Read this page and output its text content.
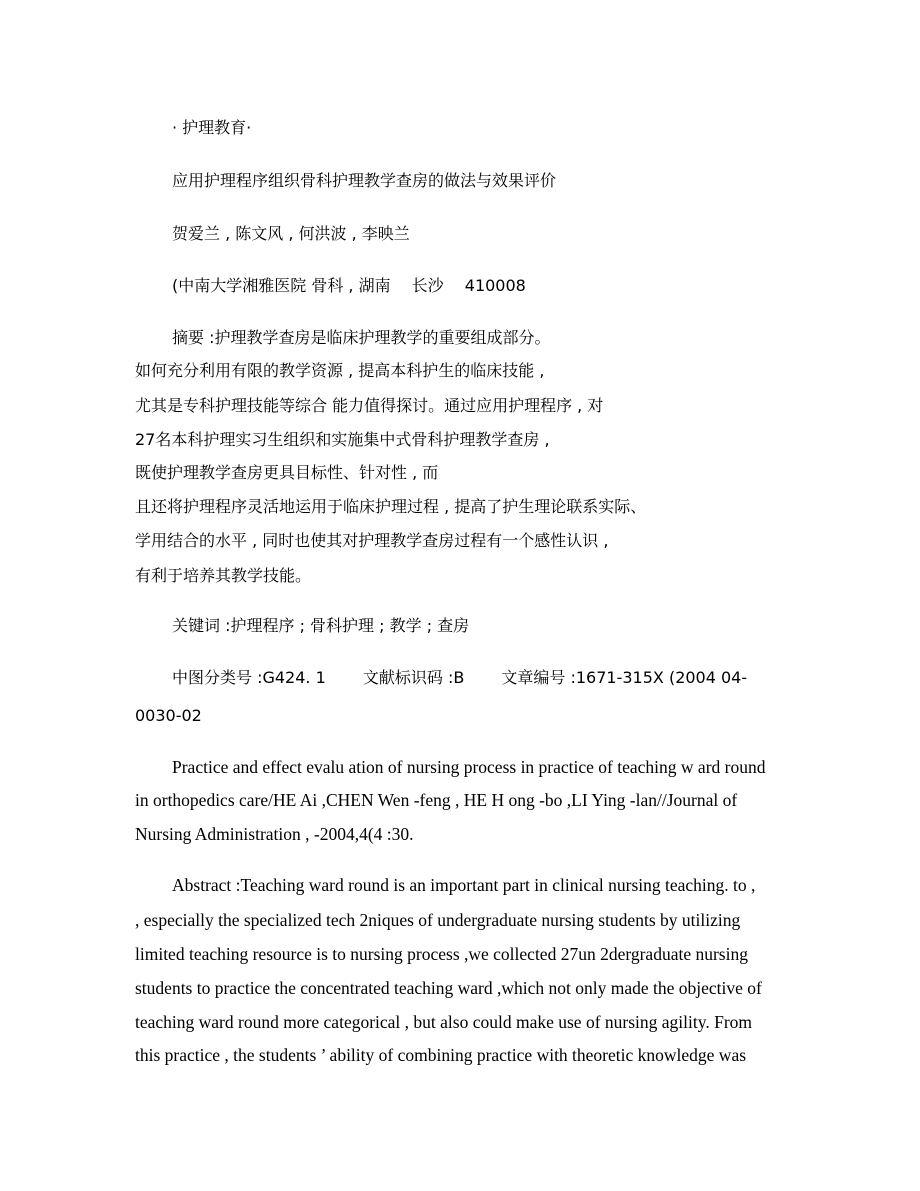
· 护理教育·
应用护理程序组织骨科护理教学查房的做法与效果评价
贺爱兰 , 陈文风 , 何洪波 , 李映兰
(中南大学湘雅医院 骨科 , 湖南 　长沙 　410008
摘要 :护理教学查房是临床护理教学的重要组成部分。
如何充分利用有限的教学资源 , 提高本科护生的临床技能 ,
尤其是专科护理技能等综合 能力值得探讨。通过应用护理程序 , 对
27名本科护理实习生组织和实施集中式骨科护理教学查房 ,
既使护理教学查房更具目标性、针对性 , 而
且还将护理程序灵活地运用于临床护理过程 , 提高了护生理论联系实际、
学用结合的水平 , 同时也使其对护理教学查房过程有一个感性认识 ,
有利于培养其教学技能。
关键词 :护理程序 ; 骨科护理 ; 教学 ; 查房
中图分类号 :G424. 1　　 文献标识码 :B　　 文章编号 :1671-315X (2004 04-
0030-02
Practice and effect evalu ation of nursing process in practice of teaching w ard round
in orthopedics care/HE Ai ,CHEN Wen -feng , HE H ong -bo ,LI Ying -lan//Journal of
Nursing Administration , -2004,4(4 :30.
Abstract :Teaching ward round is an important part in clinical nursing teaching. to ,
, especially the specialized tech 2niques of undergraduate nursing students by utilizing
limited teaching resource is to nursing process ,we collected 27un 2dergraduate nursing
students to practice the concentrated teaching ward ,which not only made the objective of
teaching ward round more categorical , but also could make use of nursing agility. From
this practice , the students ’ ability of combining practice with theoretic knowledge was
